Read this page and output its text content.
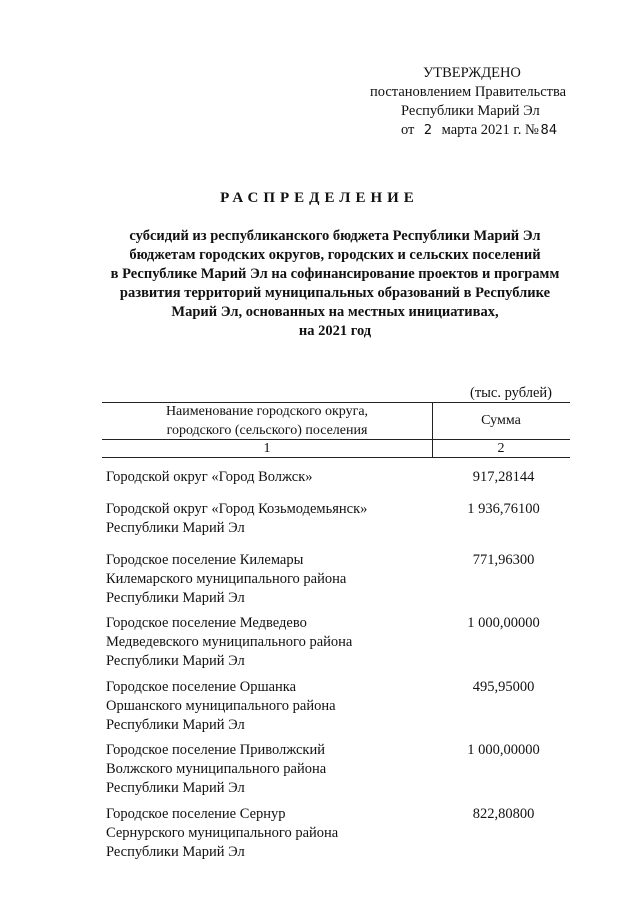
УТВЕРЖДЕНО
постановлением Правительства
Республики Марий Эл
от 2 марта 2021 г. № 84
РАСПРЕДЕЛЕНИЕ
субсидий из республиканского бюджета Республики Марий Эл
бюджетам городских округов, городских и сельских поселений
в Республике Марий Эл на софинансирование проектов и программ
развития территорий муниципальных образований в Республике
Марий Эл, основанных на местных инициативах,
на 2021 год
(тыс. рублей)
Наименование городского округа,
городского (сельского) поселения
Сумма
1	2
Городской округ «Город Волжск»	917,28144
Городской округ «Город Козьмодемьянск»
Республики Марий Эл
1 936,76100
Городское поселение Килемары
Килемарского муниципального района
Республики Марий Эл
771,96300
Городское поселение Медведево
Медведевского муниципального района
Республики Марий Эл
1 000,00000
Городское поселение Оршанка
Оршанского муниципального района
Республики Марий Эл
495,95000
Городское поселение Приволжский
Волжского муниципального района
Республики Марий Эл
1 000,00000
Городское поселение Сернур
Сернурского муниципального района
Республики Марий Эл
822,80800
